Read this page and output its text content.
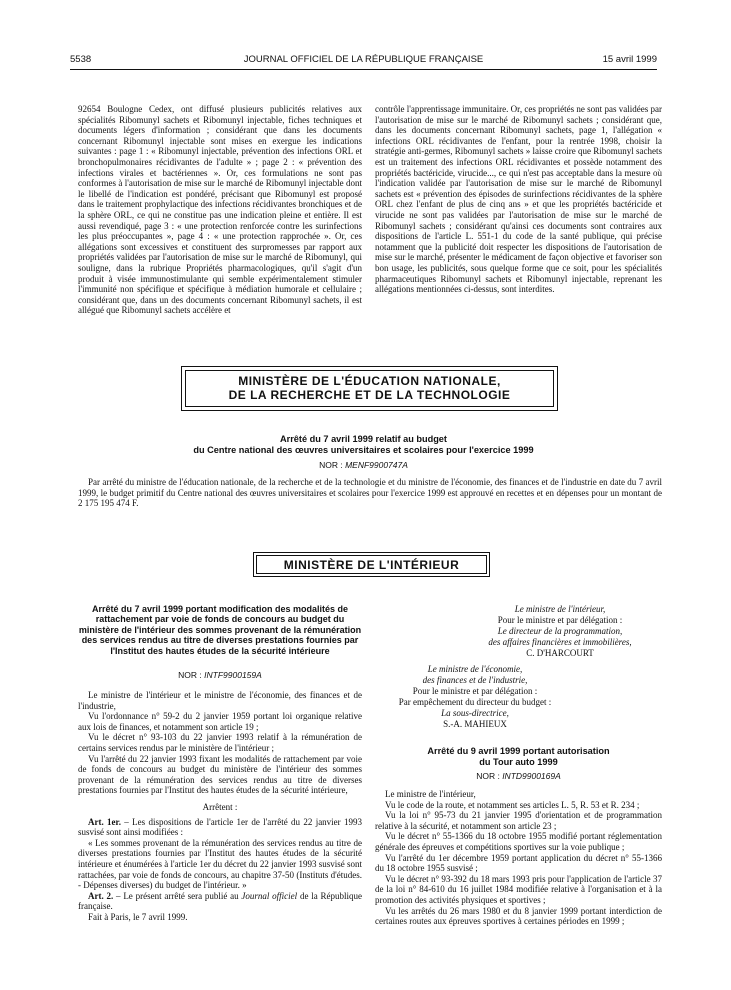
5538	JOURNAL OFFICIEL DE LA RÉPUBLIQUE FRANÇAISE	15 avril 1999

92654 Boulogne Cedex, ont diffusé plusieurs publicités relatives aux spécialités Ribomunyl sachets et Ribomunyl injectable, fiches techniques et documents légers d'information ; considérant que dans les documents concernant Ribomunyl injectable sont mises en exergue les indications suivantes : page 1 : « Ribomunyl injectable, prévention des infections ORL et bronchopulmonaires récidivantes de l'adulte » ; page 2 : « prévention des infections virales et bactériennes ». Or, ces formulations ne sont pas conformes à l'autorisation de mise sur le marché de Ribomunyl injectable dont le libellé de l'indication est pondéré, précisant que Ribomunyl est proposé dans le traitement prophylactique des infections récidivantes bronchiques et de la sphère ORL, ce qui ne constitue pas une indication pleine et entière. Il est aussi revendiqué, page 3 : « une protection renforcée contre les surinfections les plus préoccupantes », page 4 : « une protection rapprochée ». Or, ces allégations sont excessives et constituent des surpromesses par rapport aux propriétés validées par l'autorisation de mise sur le marché de Ribomunyl, qui souligne, dans la rubrique Propriétés pharmacologiques, qu'il s'agit d'un produit à visée immunostimulante qui semble expérimentalement stimuler l'immunité non spécifique et spécifique à médiation humorale et cellulaire ; considérant que, dans un des documents concernant Ribomunyl sachets, il est allégué que Ribomunyl sachets accélère et

contrôle l'apprentissage immunitaire. Or, ces propriétés ne sont pas validées par l'autorisation de mise sur le marché de Ribomunyl sachets ; considérant que, dans les documents concernant Ribomunyl sachets, page 1, l'allégation « infections ORL récidivantes de l'enfant, pour la rentrée 1998, choisir la stratégie anti-germes, Ribomunyl sachets » laisse croire que Ribomunyl sachets est un traitement des infections ORL récidivantes et possède notamment des propriétés bactéricide, virucide..., ce qui n'est pas acceptable dans la mesure où l'indication validée par l'autorisation de mise sur le marché de Ribomunyl sachets est « prévention des épisodes de surinfections récidivantes de la sphère ORL chez l'enfant de plus de cinq ans » et que les propriétés bactéricide et virucide ne sont pas validées par l'autorisation de mise sur le marché de Ribomunyl sachets ; considérant qu'ainsi ces documents sont contraires aux dispositions de l'article L. 551-1 du code de la santé publique, qui précise notamment que la publicité doit respecter les dispositions de l'autorisation de mise sur le marché, présenter le médicament de façon objective et favoriser son bon usage, les publicités, sous quelque forme que ce soit, pour les spécialités pharmaceutiques Ribomunyl sachets et Ribomunyl injectable, reprenant les allégations mentionnées ci-dessus, sont interdites.

MINISTÈRE DE L'ÉDUCATION NATIONALE,
DE LA RECHERCHE ET DE LA TECHNOLOGIE
Arrêté du 7 avril 1999 relatif au budget
du Centre national des œuvres universitaires et scolaires pour l'exercice 1999
NOR : MENF9900747A

Par arrêté du ministre de l'éducation nationale, de la recherche et de la technologie et du ministre de l'économie, des finances et de l'industrie en date du 7 avril 1999, le budget primitif du Centre national des œuvres universitaires et scolaires pour l'exercice 1999 est approuvé en recettes et en dépenses pour un montant de 2 175 195 474 F.

MINISTÈRE DE L'INTÉRIEUR
Arrêté du 7 avril 1999 portant modification des modalités de rattachement par voie de fonds de concours au budget du ministère de l'intérieur des sommes provenant de la rémunération des services rendus au titre de diverses prestations fournies par l'Institut des hautes études de la sécurité intérieure
NOR : INTF9900159A

Le ministre de l'intérieur et le ministre de l'économie, des finances et de l'industrie,

Vu l'ordonnance n° 59-2 du 2 janvier 1959 portant loi organique relative aux lois de finances, et notamment son article 19 ;

Vu le décret n° 93-103 du 22 janvier 1993 relatif à la rémunération de certains services rendus par le ministère de l'intérieur ;

Vu l'arrêté du 22 janvier 1993 fixant les modalités de rattachement par voie de fonds de concours au budget du ministère de l'intérieur des sommes provenant de la rémunération des services rendus au titre de diverses prestations fournies par l'Institut des hautes études de la sécurité intérieure,

Arrêtent :

Art. 1er. – Les dispositions de l'article 1er de l'arrêté du 22 janvier 1993 susvisé sont ainsi modifiées :

« Les sommes provenant de la rémunération des services rendus au titre de diverses prestations fournies par l'Institut des hautes études de la sécurité intérieure et énumérées à l'article 1er du décret du 22 janvier 1993 susvisé sont rattachées, par voie de fonds de concours, au chapitre 37-50 (Instituts d'études. - Dépenses diverses) du budget de l'intérieur. »

Art. 2. – Le présent arrêté sera publié au Journal officiel de la République française.

Fait à Paris, le 7 avril 1999.

Le ministre de l'intérieur,
Pour le ministre et par délégation :
Le directeur de la programmation,
des affaires financières et immobilières,
C. D'HARCOURT
Le ministre de l'économie,
des finances et de l'industrie,
Pour le ministre et par délégation :
Par empêchement du directeur du budget :
La sous-directrice,
S.-A. MAHIEUX
Arrêté du 9 avril 1999 portant autorisation
du Tour auto 1999
NOR : INTD9900169A

Le ministre de l'intérieur,

Vu le code de la route, et notamment ses articles L. 5, R. 53 et R. 234 ;

Vu la loi n° 95-73 du 21 janvier 1995 d'orientation et de programmation relative à la sécurité, et notamment son article 23 ;

Vu le décret n° 55-1366 du 18 octobre 1955 modifié portant réglementation générale des épreuves et compétitions sportives sur la voie publique ;

Vu l'arrêté du 1er décembre 1959 portant application du décret n° 55-1366 du 18 octobre 1955 susvisé ;

Vu le décret n° 93-392 du 18 mars 1993 pris pour l'application de l'article 37 de la loi n° 84-610 du 16 juillet 1984 modifiée relative à l'organisation et à la promotion des activités physiques et sportives ;

Vu les arrêtés du 26 mars 1980 et du 8 janvier 1999 portant interdiction de certaines routes aux épreuves sportives à certaines périodes en 1999 ;
